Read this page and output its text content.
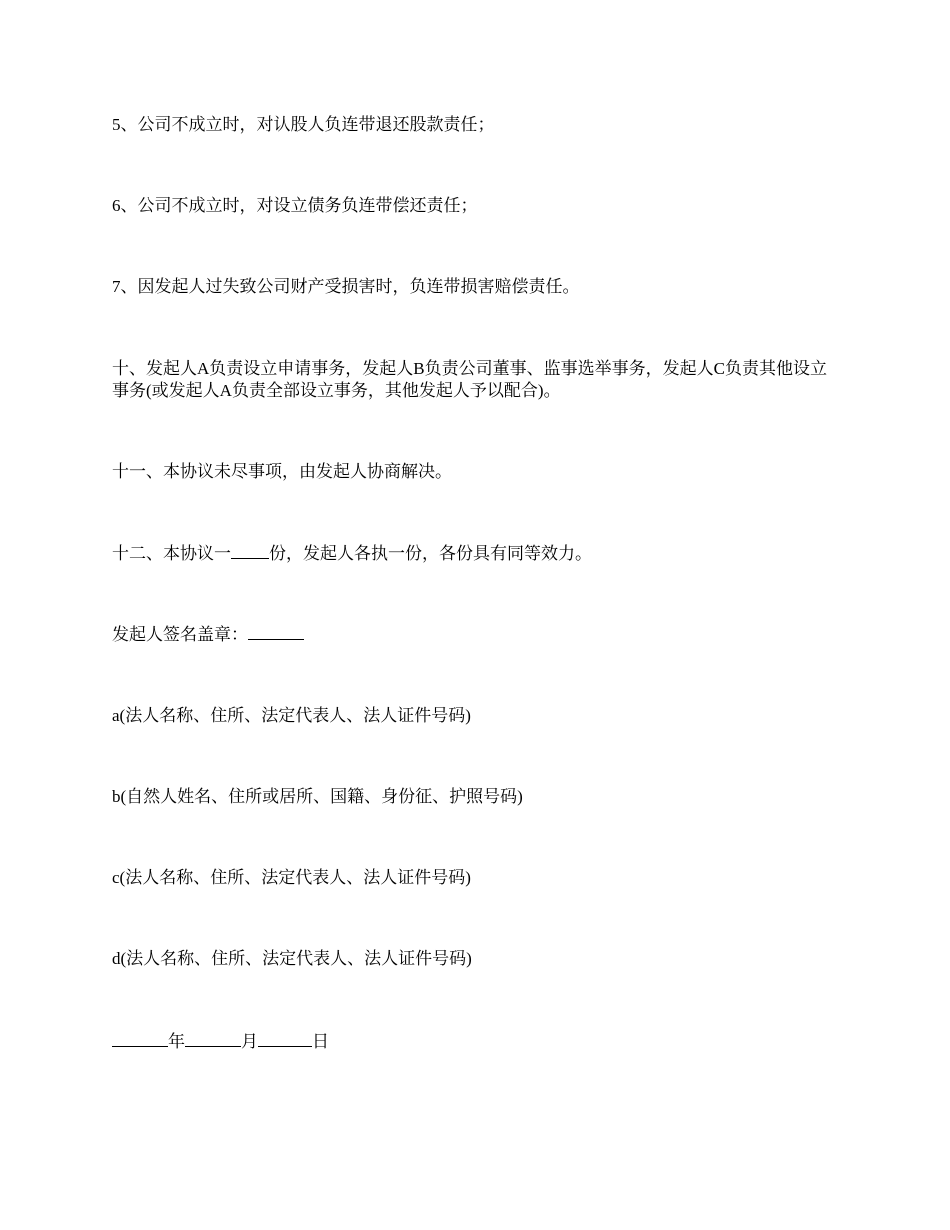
5、公司不成立时，对认股人负连带退还股款责任；
6、公司不成立时，对设立债务负连带偿还责任；
7、因发起人过失致公司财产受损害时，负连带损害赔偿责任。
十、发起人A负责设立申请事务，发起人B负责公司董事、监事选举事务，发起人C负责其他设立事务(或发起人A负责全部设立事务，其他发起人予以配合)。
十一、本协议未尽事项，由发起人协商解决。
十二、本协议一 份，发起人各执一份，各份具有同等效力。
发起人签名盖章：
a(法人名称、住所、法定代表人、法人证件号码)
b(自然人姓名、住所或居所、国籍、身份征、护照号码)
c(法人名称、住所、法定代表人、法人证件号码)
d(法人名称、住所、法定代表人、法人证件号码)
年	月	日
